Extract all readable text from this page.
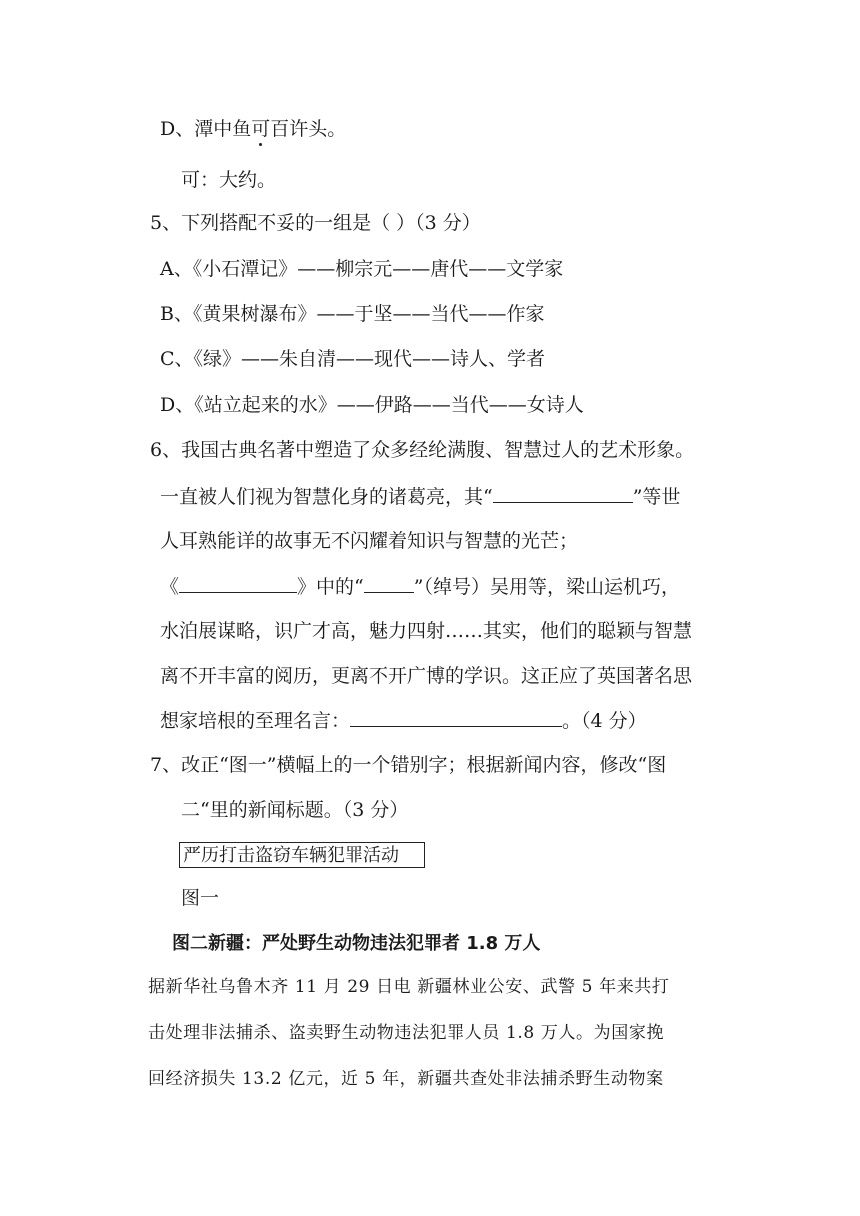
D、潭中鱼可百许头。
可：大约。
5、下列搭配不妥的一组是（ ）（3 分）
A、《小石潭记》——柳宗元——唐代——文学家
B、《黄果树瀑布》——于坚——当代——作家
C、《绿》——朱自清——现代——诗人、学者
D、《站立起来的水》——伊路——当代——女诗人
6、我国古典名著中塑造了众多经纶满腹、智慧过人的艺术形象。
一直被人们视为智慧化身的诸葛亮，其“	”等世
人耳熟能详的故事无不闪耀着知识与智慧的光芒；
《	》中的“	”（绰号）吴用等，梁山运机巧，
水泊展谋略，识广才高，魅力四射……其实，他们的聪颖与智慧
离不开丰富的阅历，更离不开广博的学识。这正应了英国著名思
想家培根的至理名言：	。（4 分）
7、改正“图一”横幅上的一个错别字；根据新闻内容，修改“图
二“里的新闻标题。（3 分）
严历打击盗窃车辆犯罪活动
图一
图二新疆：严处野生动物违法犯罪者 1.8 万人
据新华社乌鲁木齐 11 月 29 日电 新疆林业公安、武警 5 年来共打
击处理非法捕杀、盗卖野生动物违法犯罪人员 1.8 万人。为国家挽
回经济损失 13.2 亿元，近 5 年，新疆共查处非法捕杀野生动物案
